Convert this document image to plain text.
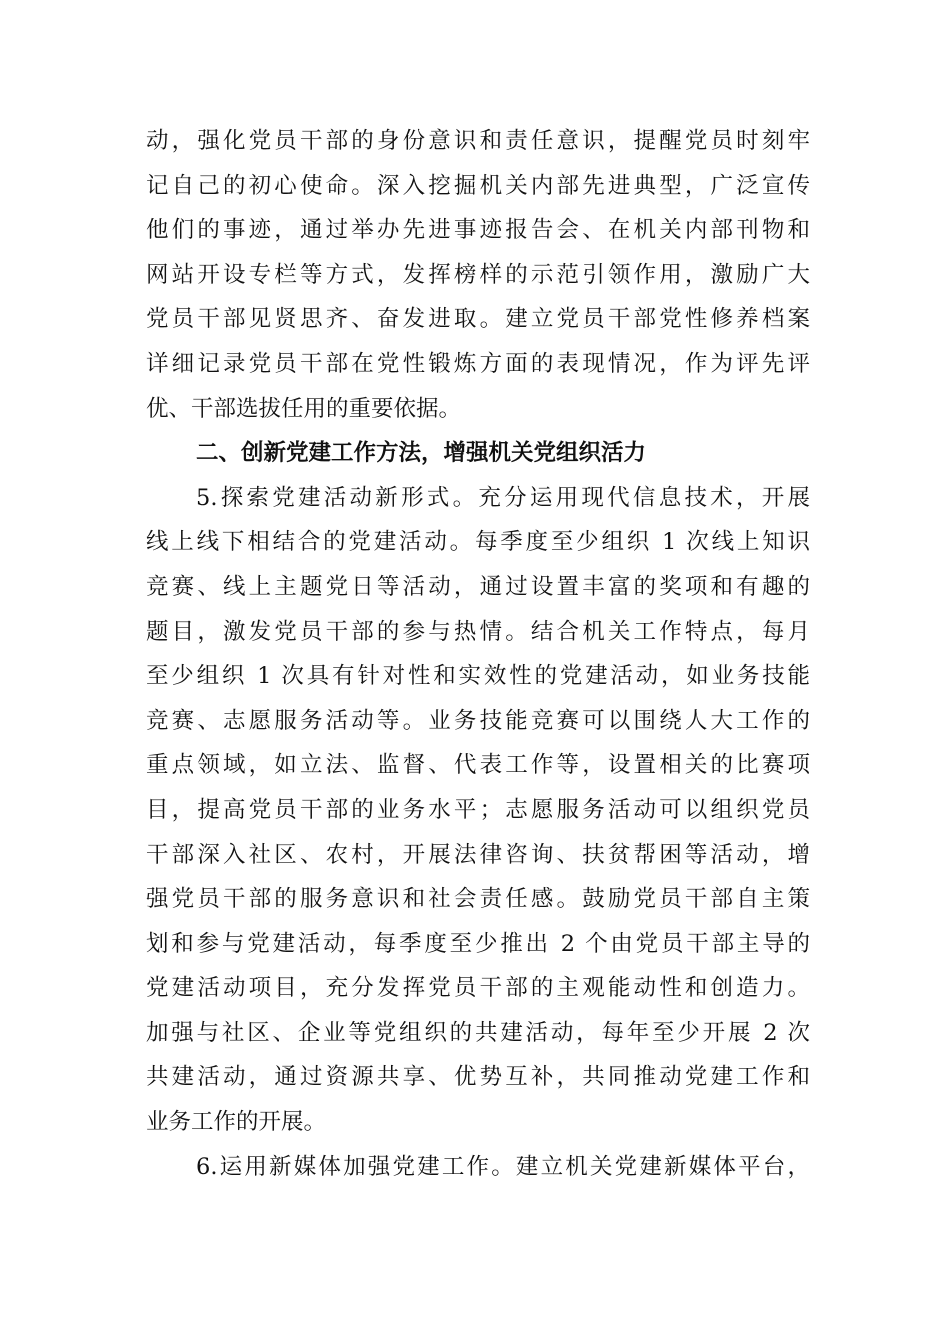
动，强化党员干部的身份意识和责任意识，提醒党员时刻牢
记自己的初心使命。深入挖掘机关内部先进典型，广泛宣传
他们的事迹，通过举办先进事迹报告会、在机关内部刊物和
网站开设专栏等方式，发挥榜样的示范引领作用，激励广大
党员干部见贤思齐、奋发进取。建立党员干部党性修养档案
详细记录党员干部在党性锻炼方面的表现情况，作为评先评
优、干部选拔任用的重要依据。
二、创新党建工作方法，增强机关党组织活力
5.探索党建活动新形式。充分运用现代信息技术，开展
线上线下相结合的党建活动。每季度至少组织 1 次线上知识
竞赛、线上主题党日等活动，通过设置丰富的奖项和有趣的
题目，激发党员干部的参与热情。结合机关工作特点，每月
至少组织 1 次具有针对性和实效性的党建活动，如业务技能
竞赛、志愿服务活动等。业务技能竞赛可以围绕人大工作的
重点领域，如立法、监督、代表工作等，设置相关的比赛项
目，提高党员干部的业务水平；志愿服务活动可以组织党员
干部深入社区、农村，开展法律咨询、扶贫帮困等活动，增
强党员干部的服务意识和社会责任感。鼓励党员干部自主策
划和参与党建活动，每季度至少推出 2 个由党员干部主导的
党建活动项目，充分发挥党员干部的主观能动性和创造力。
加强与社区、企业等党组织的共建活动，每年至少开展 2 次
共建活动，通过资源共享、优势互补，共同推动党建工作和
业务工作的开展。
6.运用新媒体加强党建工作。建立机关党建新媒体平台，
